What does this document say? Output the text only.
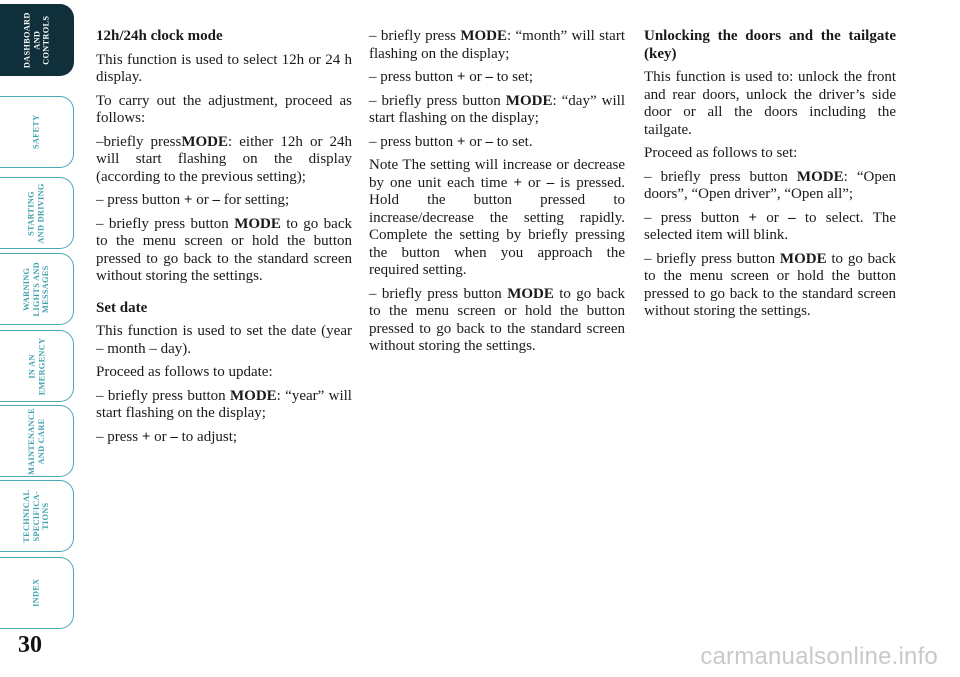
DASHBOARD
AND
CONTROLS
SAFETY
STARTING
AND DRIVING
WARNING
LIGHTS AND
MESSAGES
IN AN
EMERGENCY
MAINTENANCE
AND CARE
TECHNICAL
SPECIFICA-
TIONS
INDEX
30
12h/24h clock mode

This function is used to select 12h or 24 h display.

To carry out the adjustment, proceed as follows:

–briefly pressMODE: either 12h or 24h will start flashing on the display (according to the previous setting);

– press button + or – for setting;

– briefly press button MODE to go back to the menu screen or hold the button pressed to go back to the standard screen without storing the settings.

Set date

This function is used to set the date (year – month – day).

Proceed as follows to update:

– briefly press button MODE: “year” will start flashing on the display;

– press + or – to adjust;

– briefly press MODE: “month” will start flashing on the display;

– press button + or – to set;

– briefly press button MODE: “day” will start flashing on the display;

– press button + or – to set.

Note The setting will increase or decrease by one unit each time + or – is pressed. Hold the button pressed to increase/decrease the setting rapidly. Complete the setting by briefly pressing the button when you approach the required setting.

– briefly press button MODE to go back to the menu screen or hold the button pressed to go back to the standard screen without storing the settings.

Unlocking the doors and the tailgate (key)

This function is used to: unlock the front and rear doors, unlock the driver’s side door or all the doors including the tailgate.

Proceed as follows to set:

– briefly press button MODE: “Open doors”, “Open driver”, “Open all”;

– press button + or – to select. The selected item will blink.

– briefly press button MODE to go back to the menu screen or hold the button pressed to go back to the standard screen without storing the settings.

carmanualsonline.info
